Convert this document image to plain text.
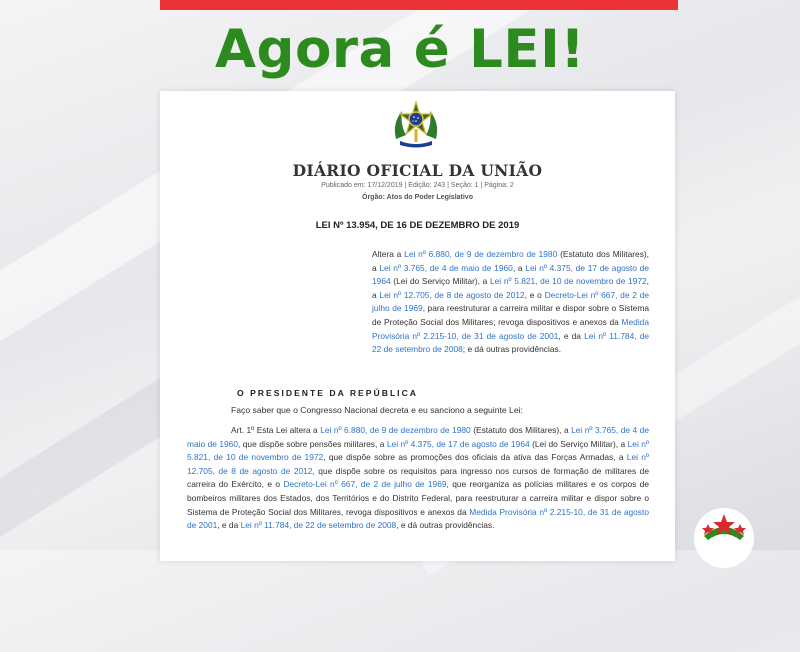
Agora é LEI!
DIÁRIO OFICIAL DA UNIÃO
Publicado em: 17/12/2019 | Edição: 243 | Seção: 1 | Página: 2
Órgão: Atos do Poder Legislativo
LEI Nº 13.954, DE 16 DE DEZEMBRO DE 2019
Altera a Lei nº 6.880, de 9 de dezembro de 1980 (Estatuto dos Militares), a Lei nº 3.765, de 4 de maio de 1960, a Lei nº 4.375, de 17 de agosto de 1964 (Lei do Serviço Militar), a Lei nº 5.821, de 10 de novembro de 1972, a Lei nº 12.705, de 8 de agosto de 2012, e o Decreto-Lei nº 667, de 2 de julho de 1969, para reestruturar a carreira militar e dispor sobre o Sistema de Proteção Social dos Militares; revoga dispositivos e anexos da Medida Provisória nº 2.215-10, de 31 de agosto de 2001, e da Lei nº 11.784, de 22 de setembro de 2008; e dá outras providências.
O PRESIDENTE DA REPÚBLICA
Faço saber que o Congresso Nacional decreta e eu sanciono a seguinte Lei:
Art. 1º Esta Lei altera a Lei nº 6.880, de 9 de dezembro de 1980 (Estatuto dos Militares), a Lei nº 3.765, de 4 de maio de 1960, que dispõe sobre pensões militares, a Lei nº 4.375, de 17 de agosto de 1964 (Lei do Serviço Militar), a Lei nº 5.821, de 10 de novembro de 1972, que dispõe sobre as promoções dos oficiais da ativa das Forças Armadas, a Lei nº 12.705, de 8 de agosto de 2012, que dispõe sobre os requisitos para ingresso nos cursos de formação de militares de carreira do Exército, e o Decreto-Lei nº 667, de 2 de julho de 1969, que reorganiza as polícias militares e os corpos de bombeiros militares dos Estados, dos Territórios e do Distrito Federal, para reestruturar a carreira militar e dispor sobre o Sistema de Proteção Social dos Militares, revoga dispositivos e anexos da Medida Provisória nº 2.215-10, de 31 de agosto de 2001, e da Lei nº 11.784, de 22 de setembro de 2008, e dá outras providências.
